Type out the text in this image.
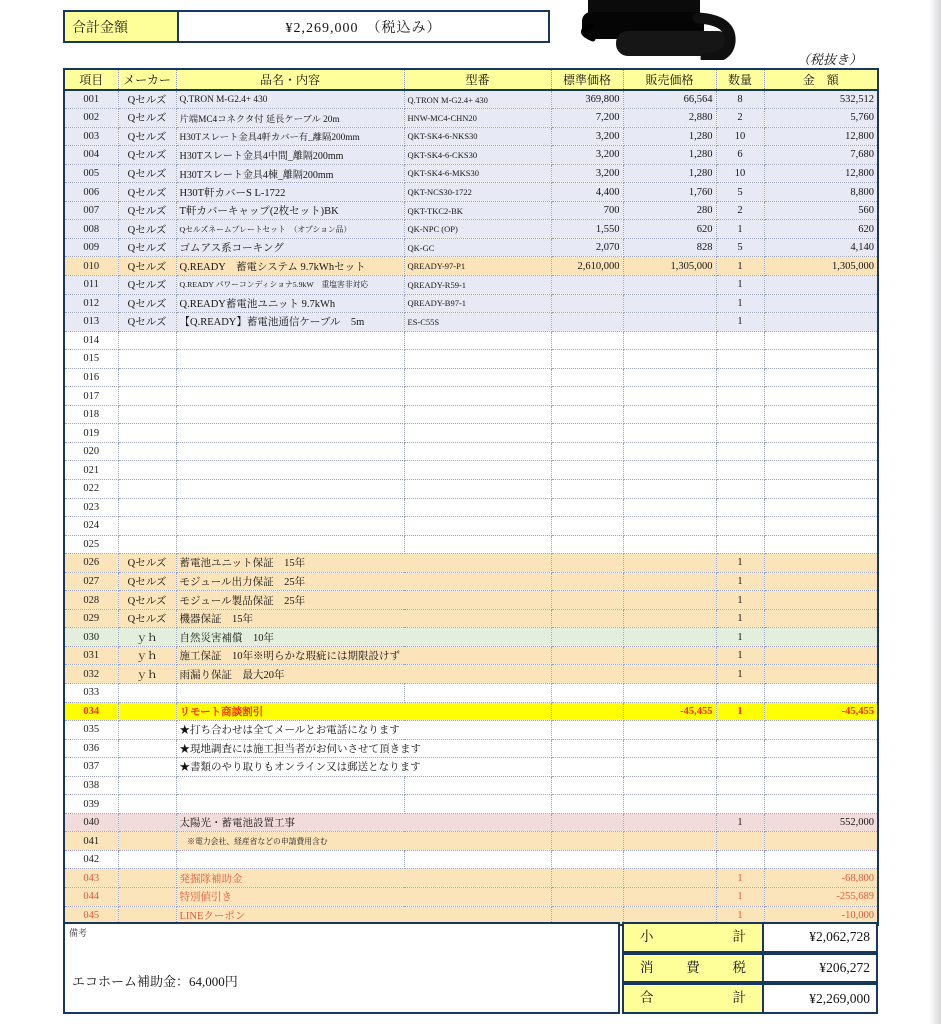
合計金額	¥2,269,000　（税込み）
（税抜き）
項目	メーカー	品名・内容	型番	標準価格	販売価格	数量	金　額
001	Qセルズ	Q.TRON M-G2.4+ 430	Q.TRON M-G2.4+ 430	369,800	66,564	8	532,512
002	Qセルズ	片端MC4コネクタ付 延長ケーブル 20m	HNW-MC4-CHN20	7,200	2,880	2	5,760
003	Qセルズ	H30Tスレート金具4軒カバー有_離隔200mm	QKT-SK4-6-NKS30	3,200	1,280	10	12,800
004	Qセルズ	H30Tスレート金具4中間_離隔200mm	QKT-SK4-6-CKS30	3,200	1,280	6	7,680
005	Qセルズ	H30Tスレート金具4棟_離隔200mm	QKT-SK4-6-MKS30	3,200	1,280	10	12,800
006	Qセルズ	H30T軒カバーS L-1722	QKT-NCS30-1722	4,400	1,760	5	8,800
007	Qセルズ	T軒カバーキャップ(2枚セット)BK	QKT-TKC2-BK	700	280	2	560
008	Qセルズ	Qセルズネームプレートセット　（オプション品）	QK-NPC (OP)	1,550	620	1	620
009	Qセルズ	ゴムアス系コーキング	QK-GC	2,070	828	5	4,140
010	Qセルズ	Q.READY　蓄電システム 9.7kWhセット	QREADY-97-P1	2,610,000	1,305,000	1	1,305,000
011	Qセルズ	Q.READY パワーコンディショナ5.9kW　重塩害非対応	QREADY-R59-1			1	
012	Qセルズ	Q.READY蓄電池ユニット 9.7kWh	QREADY-B97-1			1	
013	Qセルズ	【Q.READY】蓄電池通信ケーブル　5m	ES-C55S			1	
014							
015							
016							
017							
018							
019							
020							
021							
022							
023							
024							
025							
026	Qセルズ	蓄電池ユニット保証　15年				1	
027	Qセルズ	モジュール出力保証　25年				1	
028	Qセルズ	モジュール製品保証　25年				1	
029	Qセルズ	機器保証　15年				1	
030	ｙｈ	自然災害補償　10年				1	
031	ｙｈ	施工保証　10年※明らかな瑕疵には期限設けず				1	
032	ｙｈ	雨漏り保証　最大20年				1	
033							
034		リモート商談割引			-45,455	1	-45,455
035		★打ち合わせは全てメールとお電話になります					
036		★現地調査には施工担当者がお伺いさせて頂きます					
037		★書類のやり取りもオンライン又は郵送となります					
038							
039							
040		太陽光・蓄電池設置工事				1	552,000
041		　※電力会社、経産省などの申請費用含む					
042							
043		発掘隊補助金				1	-68,800
044		特別値引き				1	-255,689
045		LINEクーポン				1	-10,000
備考
エコホーム補助金：64,000円
小　計	¥2,062,728
消　費　税	¥206,272
合　計	¥2,269,000
